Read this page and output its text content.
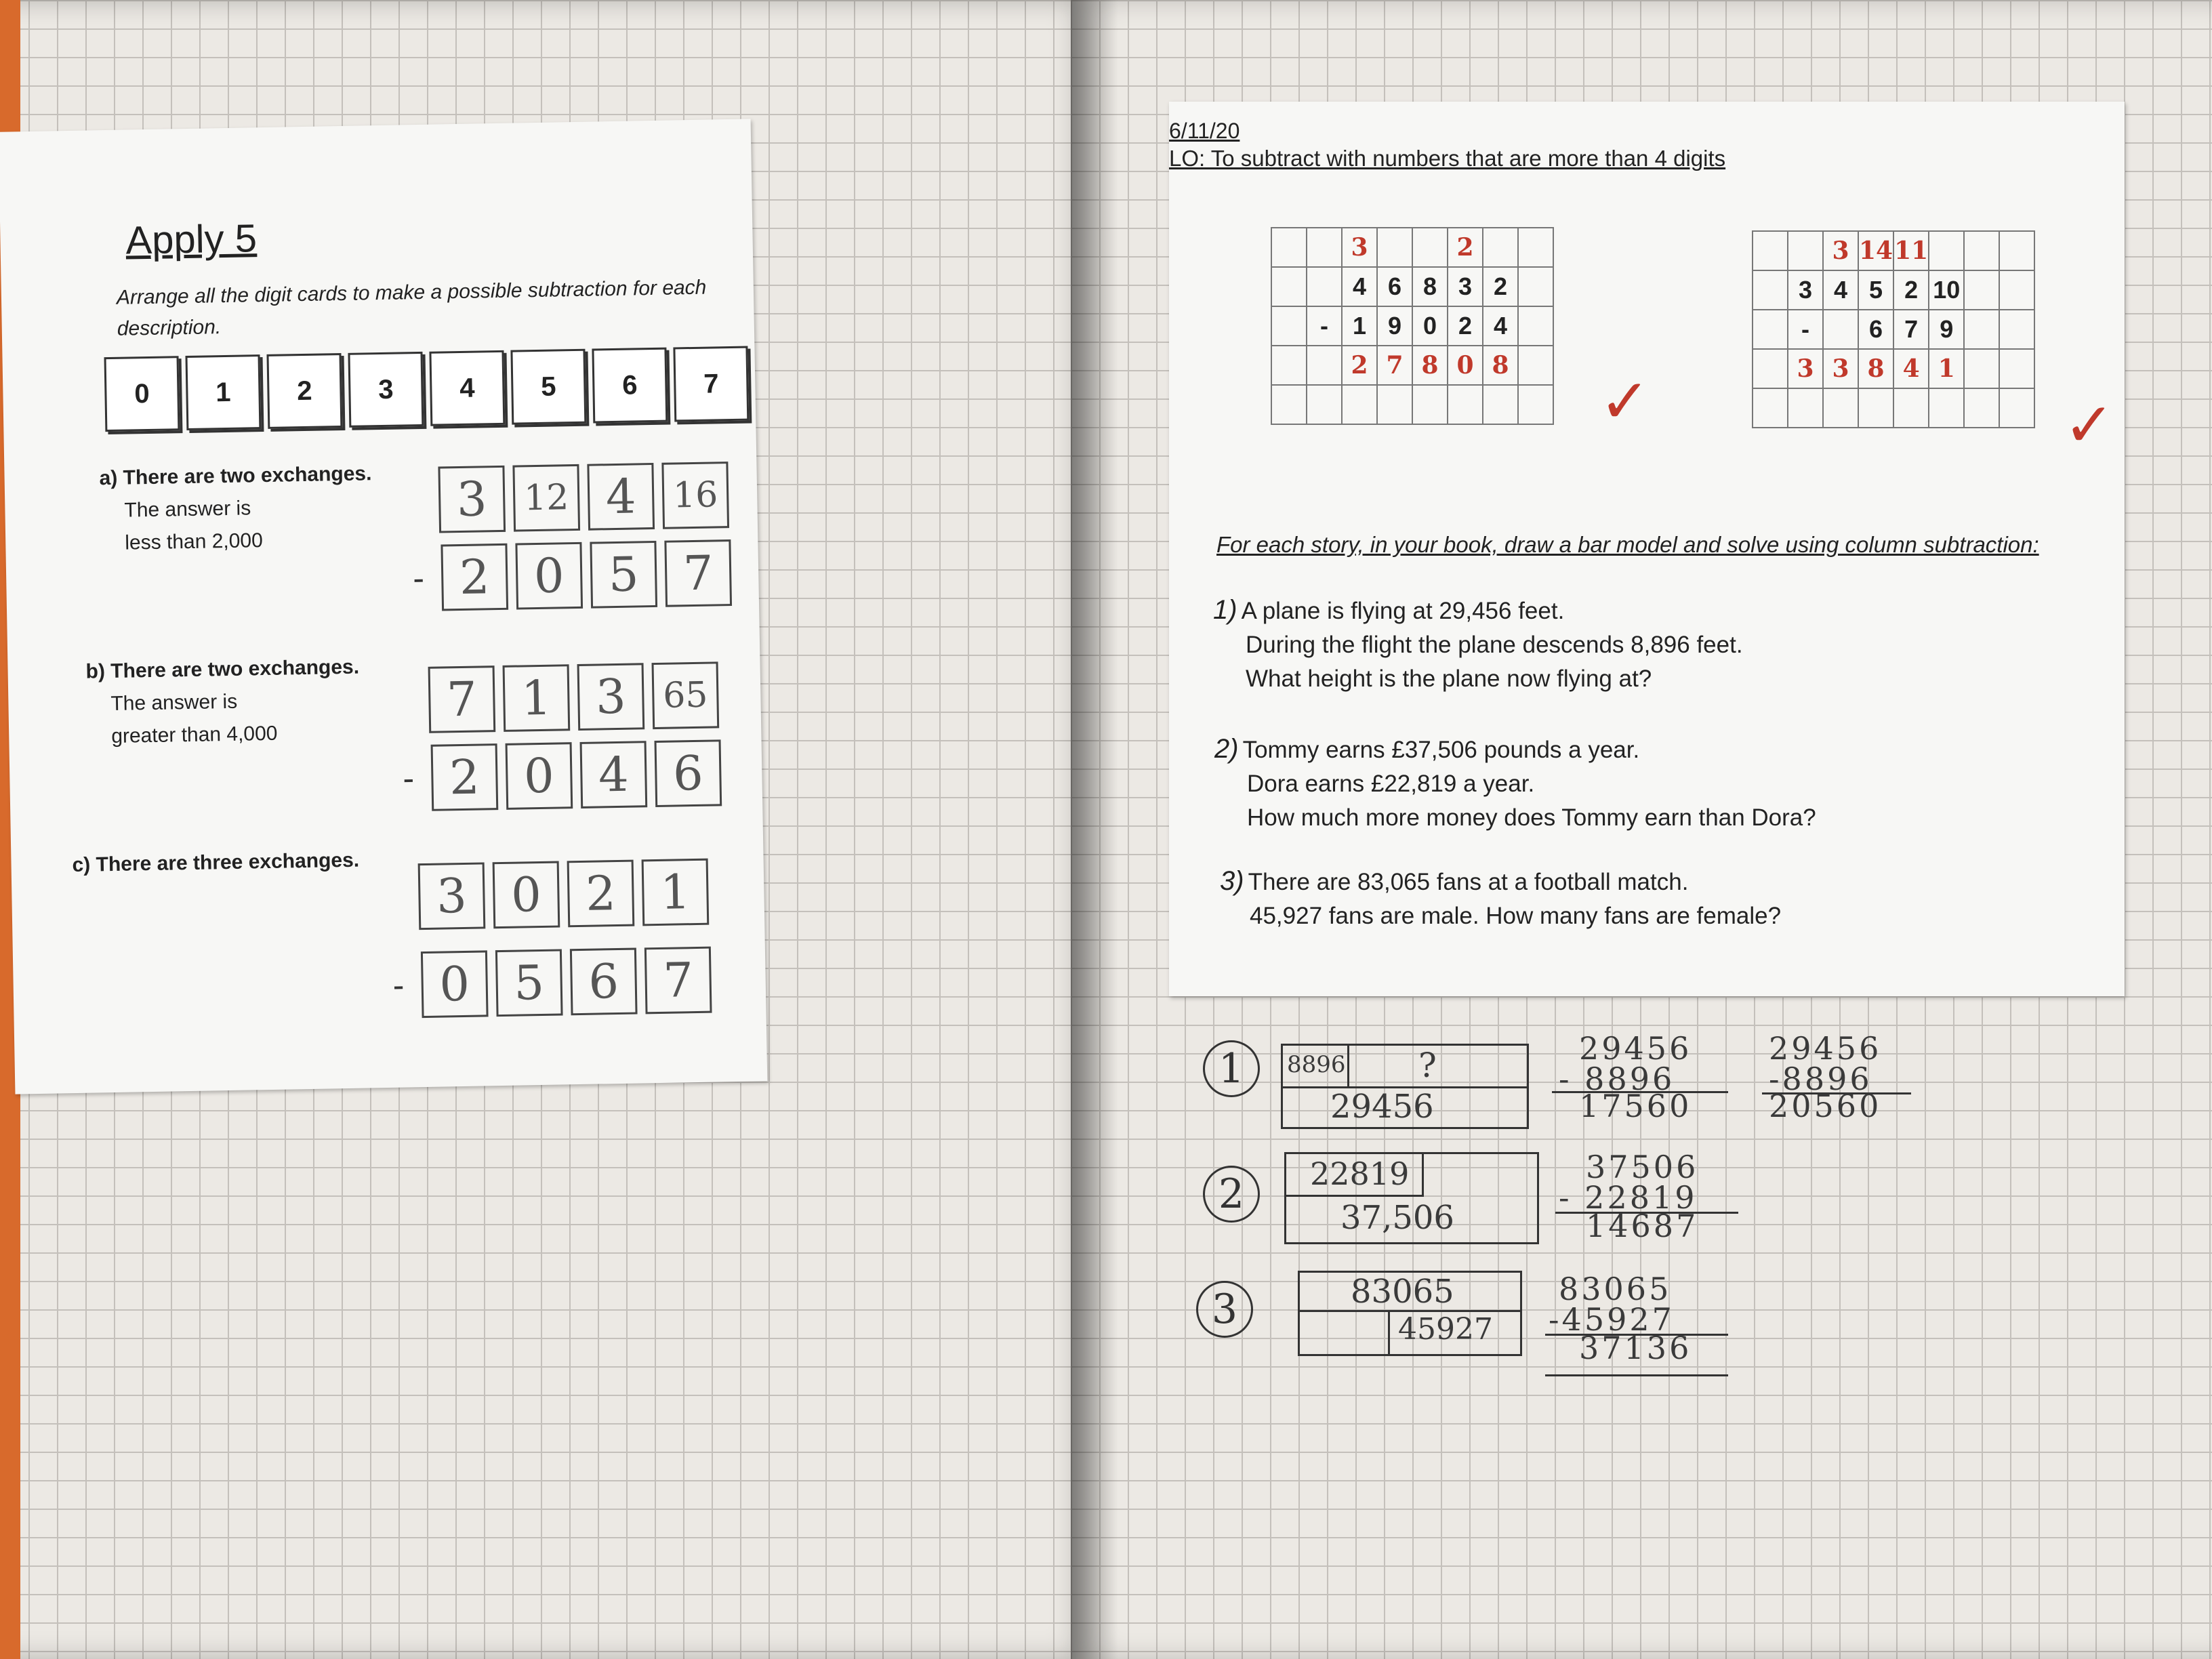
Apply 5
Arrange all the digit cards to make a possible subtraction for each description.
0	1	2	3	4	5	6	7
a) There are two exchanges.
The answer is
less than 2,000
3	12 4	16
- 2 0 5 7
b) There are two exchanges.
The answer is
greater than 4,000
7 1 3	65
- 2 0 4 6
c) There are three exchanges.
3 0 2 1
- 0 5 6 7
6/11/20
LO: To subtract with numbers that are more than 4 digits
		3			2		
		4	6	8	3	2	
	-	1	9	0	2	4	
		2	7	8	0	8	

✓
		3	14	11			
	3	4	5	2	10		
	-		6	7	9		
	3	3	8	4	1		

✓
For each story, in your book, draw a bar model and solve using column subtraction:
1) A plane is flying at 29,456 feet.
During the flight the plane descends 8,896 feet.
What height is the plane now flying at?
2) Tommy earns £37,506 pounds a year.
Dora earns £22,819 a year.
How much more money does Tommy earn than Dora?
3) There are 83,065 fans at a football match.
45,927 fans are male. How many fans are female?
1	8896 ?
29456
29456
- 8896
17560
29456
-8896
20560
2	22819
37,506
37506
- 22819
14687
3	83065
45927
83065
-45927
37136
